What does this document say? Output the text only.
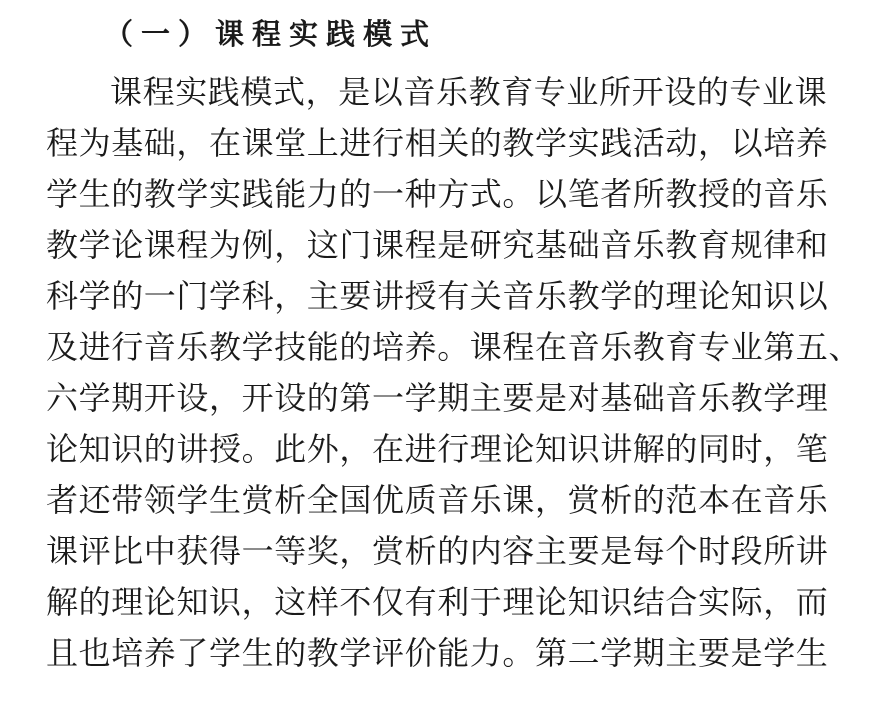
（一）课程实践模式
课程实践模式，是以音乐教育专业所开设的专业课
程为基础，在课堂上进行相关的教学实践活动，以培养
学生的教学实践能力的一种方式。以笔者所教授的音乐
教学论课程为例，这门课程是研究基础音乐教育规律和
科学的一门学科，主要讲授有关音乐教学的理论知识以
及进行音乐教学技能的培养。课程在音乐教育专业第五、
六学期开设，开设的第一学期主要是对基础音乐教学理
论知识的讲授。此外，在进行理论知识讲解的同时，笔
者还带领学生赏析全国优质音乐课，赏析的范本在音乐
课评比中获得一等奖，赏析的内容主要是每个时段所讲
解的理论知识，这样不仅有利于理论知识结合实际，而
且也培养了学生的教学评价能力。第二学期主要是学生
